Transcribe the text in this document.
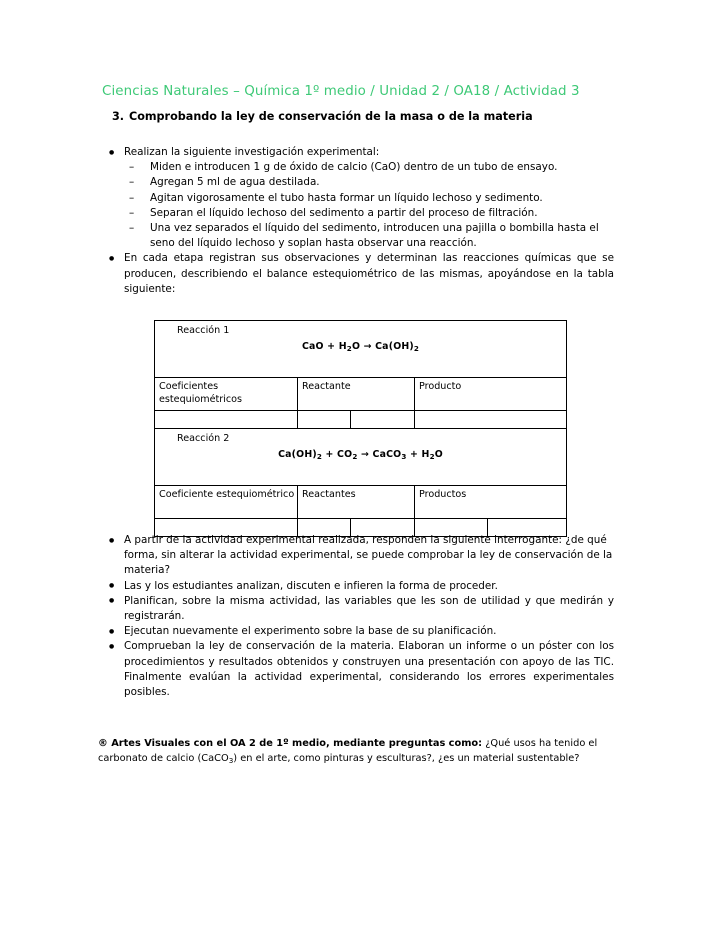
Ciencias Naturales – Química 1º medio / Unidad 2 / OA18 / Actividad 3
3. Comprobando la ley de conservación de la masa o de la materia
● Realizan la siguiente investigación experimental:
– Miden e introducen 1 g de óxido de calcio (CaO) dentro de un tubo de ensayo.
– Agregan 5 ml de agua destilada.
– Agitan vigorosamente el tubo hasta formar un líquido lechoso y sedimento.
– Separan el líquido lechoso del sedimento a partir del proceso de filtración.
– Una vez separados el líquido del sedimento, introducen una pajilla o bombilla hasta el seno del líquido lechoso y soplan hasta observar una reacción.
● En cada etapa registran sus observaciones y determinan las reacciones químicas que se producen, describiendo el balance estequiométrico de las mismas, apoyándose en la tabla siguiente:
Reacción 1
CaO + $H_2O \to Ca(OH)_2$

Coeficientes estequiométricos	Reactante		Producto	

Reacción 2
$Ca(OH)_2 + CO_2$ → CaCO$_3$ + $H_2O$				

Coeficiente estequiométrico	Reactantes		Productos	

● A partir de la actividad experimental realizada, responden la siguiente interrogante: ¿de qué forma, sin alterar la actividad experimental, se puede comprobar la ley de conservación de la materia?
● Las y los estudiantes analizan, discuten e infieren la forma de proceder.
● Planifican, sobre la misma actividad, las variables que les son de utilidad y que medirán y registrarán.
● Ejecutan nuevamente el experimento sobre la base de su planificación.
● Comprueban la ley de conservación de la materia. Elaboran un informe o un póster con los procedimientos y resultados obtenidos y construyen una presentación con apoyo de las TIC. Finalmente evalúan la actividad experimental, considerando los errores experimentales posibles.
® Artes Visuales con el OA 2 de 1º medio, mediante preguntas como: ¿Qué usos ha tenido el carbonato de calcio (CaCO$_3$) en el arte, como pinturas y esculturas?, ¿es un material sustentable?
